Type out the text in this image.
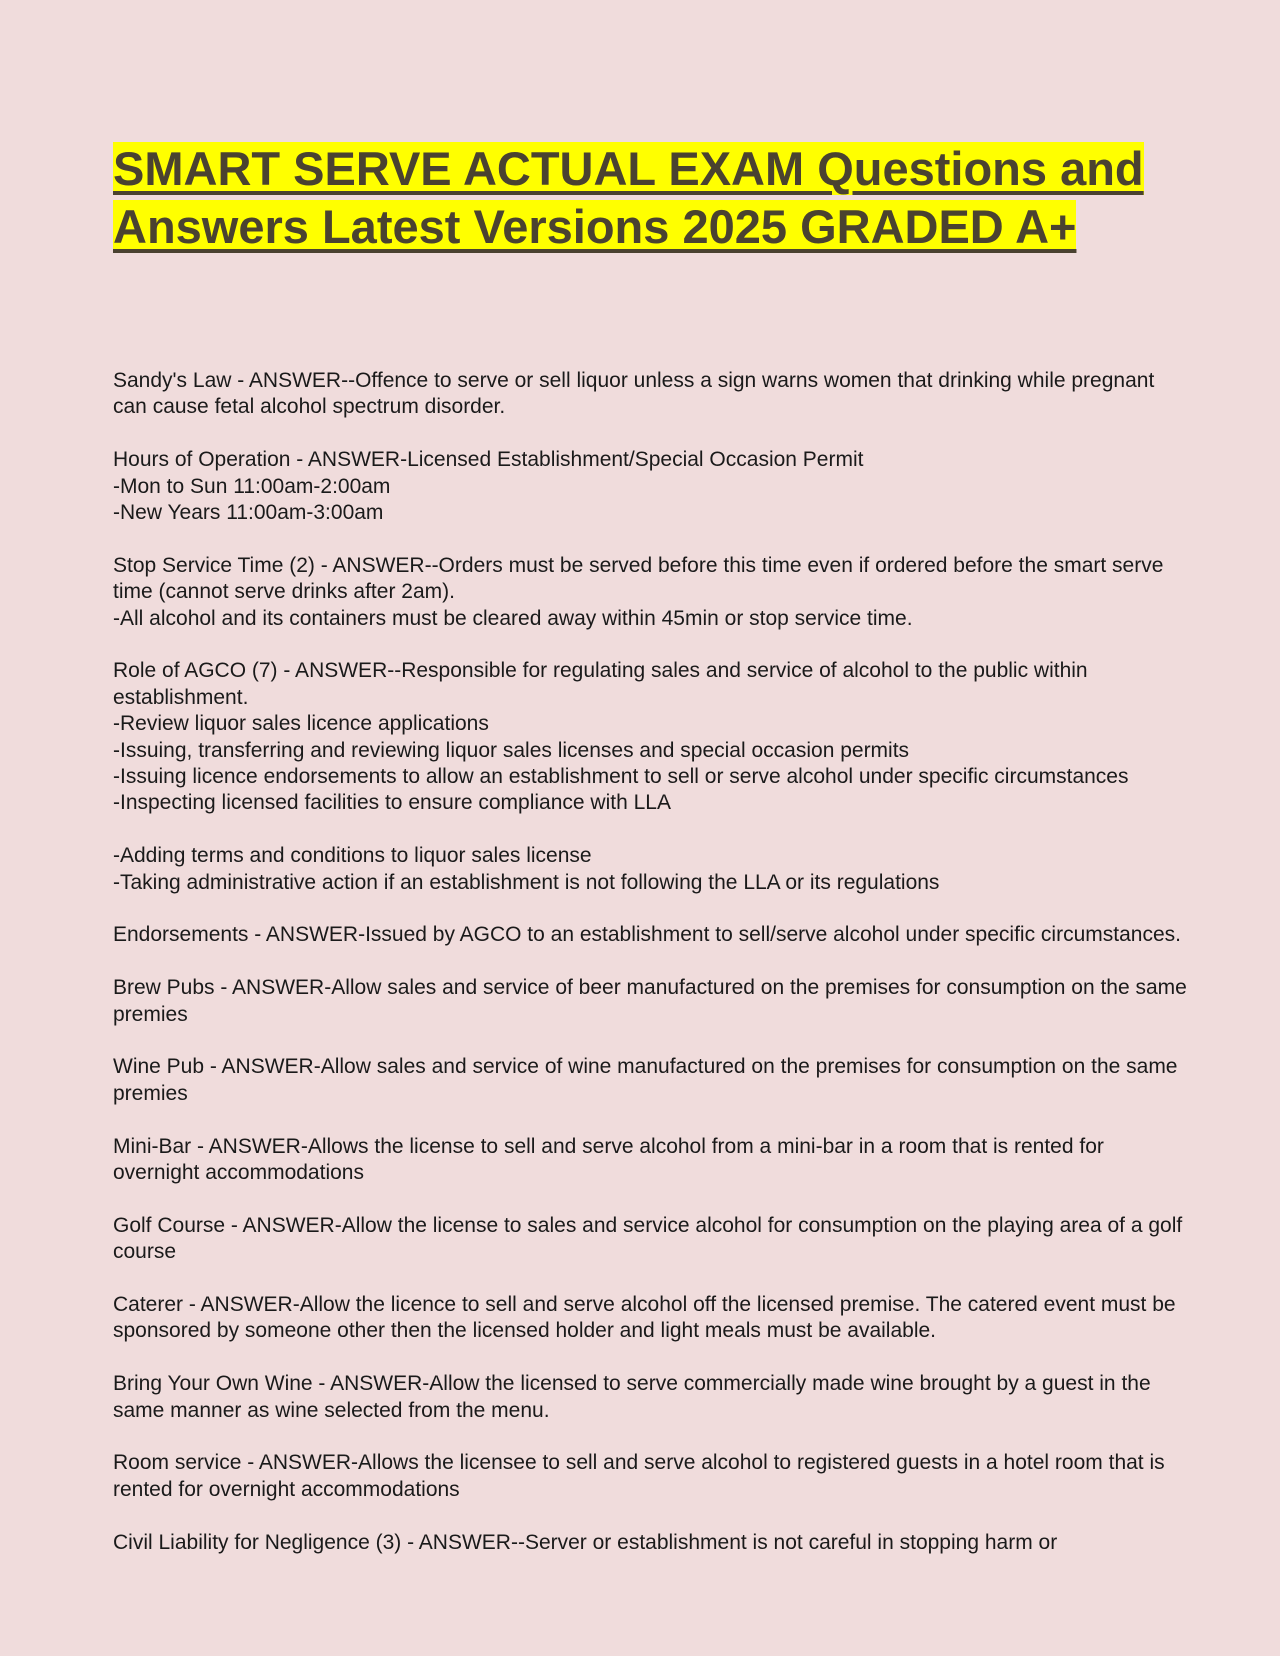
SMART SERVE ACTUAL EXAM Questions and Answers Latest Versions 2025 GRADED A+
Sandy's Law - ANSWER--Offence to serve or sell liquor unless a sign warns women that drinking while pregnant can cause fetal alcohol spectrum disorder.
Hours of Operation - ANSWER-Licensed Establishment/Special Occasion Permit
-Mon to Sun 11:00am-2:00am
-New Years 11:00am-3:00am
Stop Service Time (2) - ANSWER--Orders must be served before this time even if ordered before the smart serve time (cannot serve drinks after 2am).
-All alcohol and its containers must be cleared away within 45min or stop service time.
Role of AGCO (7) - ANSWER--Responsible for regulating sales and service of alcohol to the public within establishment.
-Review liquor sales licence applications
-Issuing, transferring and reviewing liquor sales licenses and special occasion permits
-Issuing licence endorsements to allow an establishment to sell or serve alcohol under specific circumstances
-Inspecting licensed facilities to ensure compliance with LLA
-Adding terms and conditions to liquor sales license
-Taking administrative action if an establishment is not following the LLA or its regulations
Endorsements - ANSWER-Issued by AGCO to an establishment to sell/serve alcohol under specific circumstances.
Brew Pubs - ANSWER-Allow sales and service of beer manufactured on the premises for consumption on the same premies
Wine Pub - ANSWER-Allow sales and service of wine manufactured on the premises for consumption on the same premies
Mini-Bar - ANSWER-Allows the license to sell and serve alcohol from a mini-bar in a room that is rented for overnight accommodations
Golf Course - ANSWER-Allow the license to sales and service alcohol for consumption on the playing area of a golf course
Caterer - ANSWER-Allow the licence to sell and serve alcohol off the licensed premise. The catered event must be sponsored by someone other then the licensed holder and light meals must be available.
Bring Your Own Wine - ANSWER-Allow the licensed to serve commercially made wine brought by a guest in the same manner as wine selected from the menu.
Room service - ANSWER-Allows the licensee to sell and serve alcohol to registered guests in a hotel room that is rented for overnight accommodations
Civil Liability for Negligence (3) - ANSWER--Server or establishment is not careful in stopping harm or
